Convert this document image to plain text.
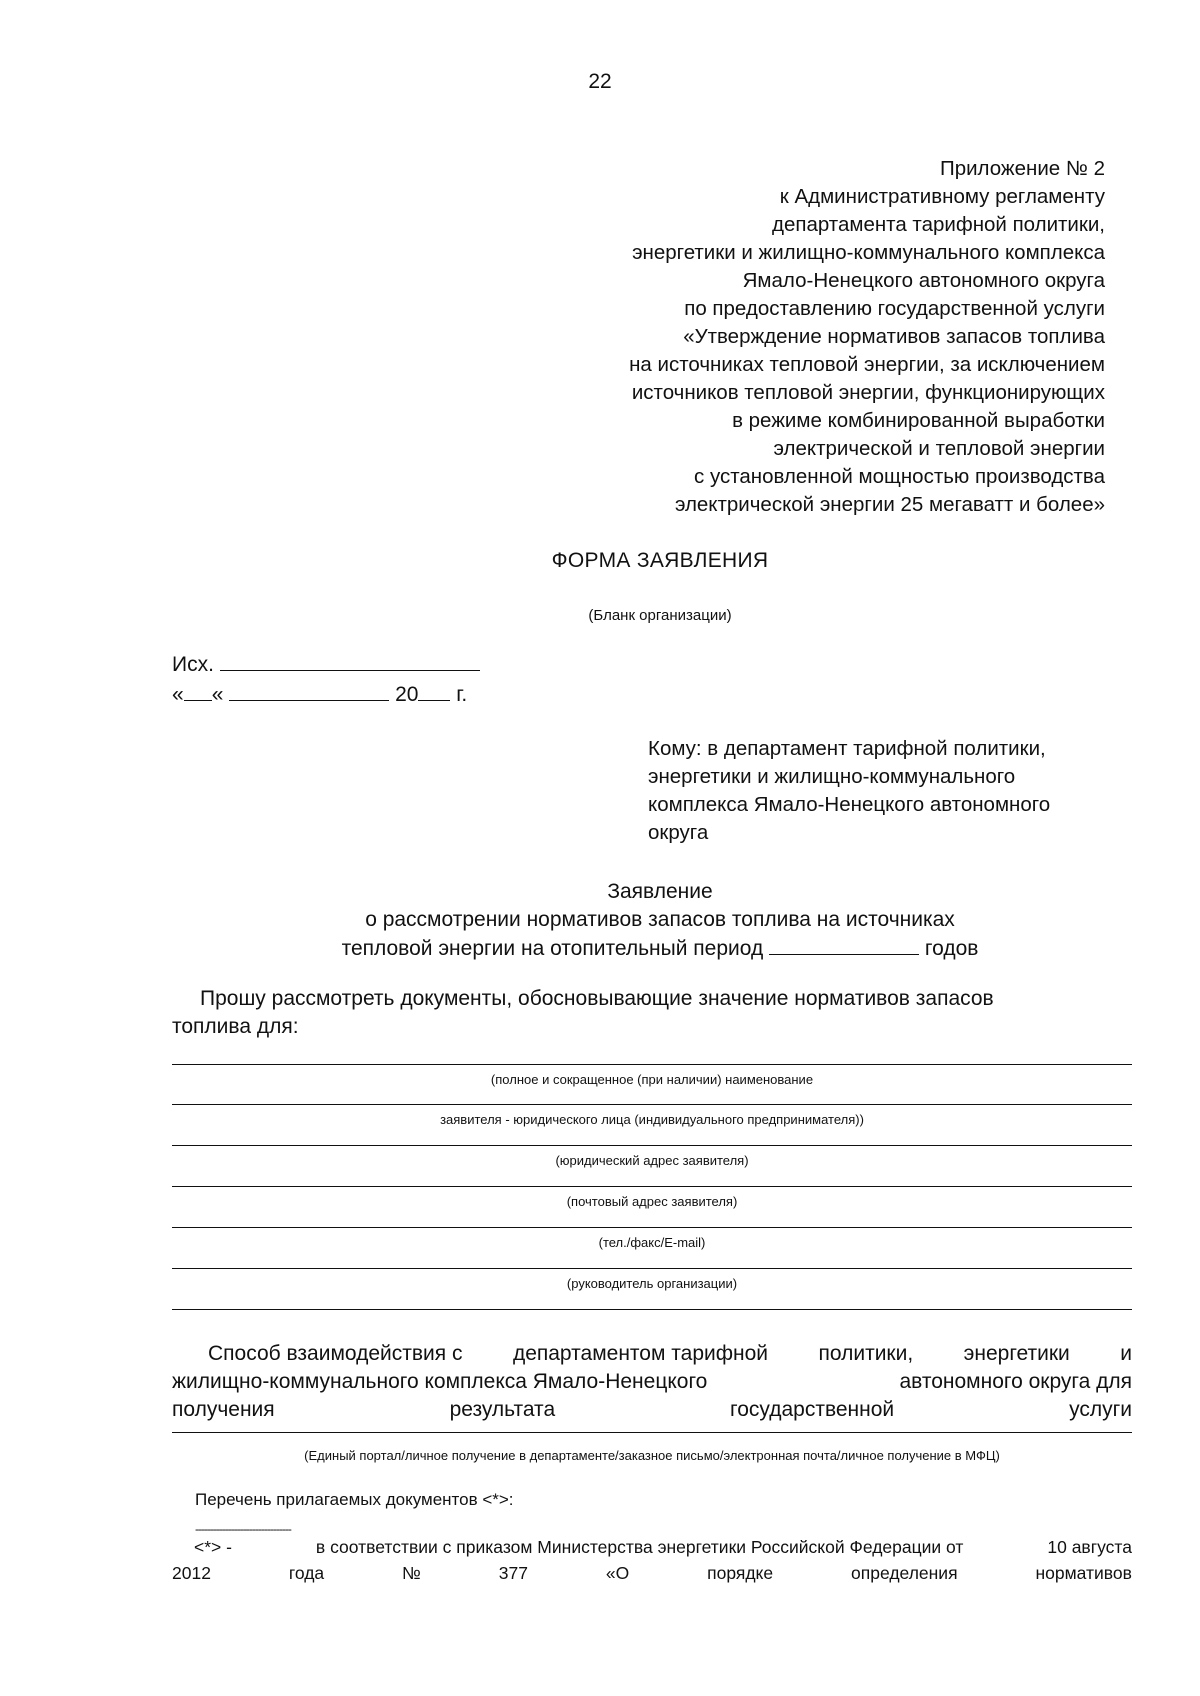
22
Приложение № 2
к Административному регламенту
департамента тарифной политики,
энергетики и жилищно-коммунального комплекса
Ямало-Ненецкого автономного округа
по предоставлению государственной услуги
«Утверждение нормативов запасов топлива
на источниках тепловой энергии, за исключением
источников тепловой энергии, функционирующих
в режиме комбинированной выработки
электрической и тепловой энергии
с установленной мощностью производства
электрической энергии 25 мегаватт и более»
ФОРМА ЗАЯВЛЕНИЯ
(Бланк организации)
Исх.
« «	20 г.
Кому: в департамент тарифной политики,
энергетики и жилищно-коммунального
комплекса Ямало-Ненецкого автономного
округа
Заявление
о рассмотрении нормативов запасов топлива на источниках
тепловой энергии на отопительный период	годов
Прошу рассмотреть документы, обосновывающие значение нормативов запасов
топлива для:
(полное и сокращенное (при наличии) наименование
заявителя - юридического лица (индивидуального предпринимателя))
(юридический адрес заявителя)
(почтовый адрес заявителя)
(тел./факс/E-mail)
(руководитель организации)
Способ взаимодействия с департаментом тарифной политики, энергетики и
жилищно-коммунального комплекса Ямало-Ненецкого	автономного округа для
получения	результата	государственной	услуги
(Единый портал/личное получение в департаменте/заказное письмо/электронная почта/личное получение в МФЦ)
Перечень прилагаемых документов <*>:
--------------------------------
<*> -	в соответствии с приказом Министерства энергетики Российской Федерации от	10 августа
2012	года	№	377	«О	порядке	определения	нормативов
